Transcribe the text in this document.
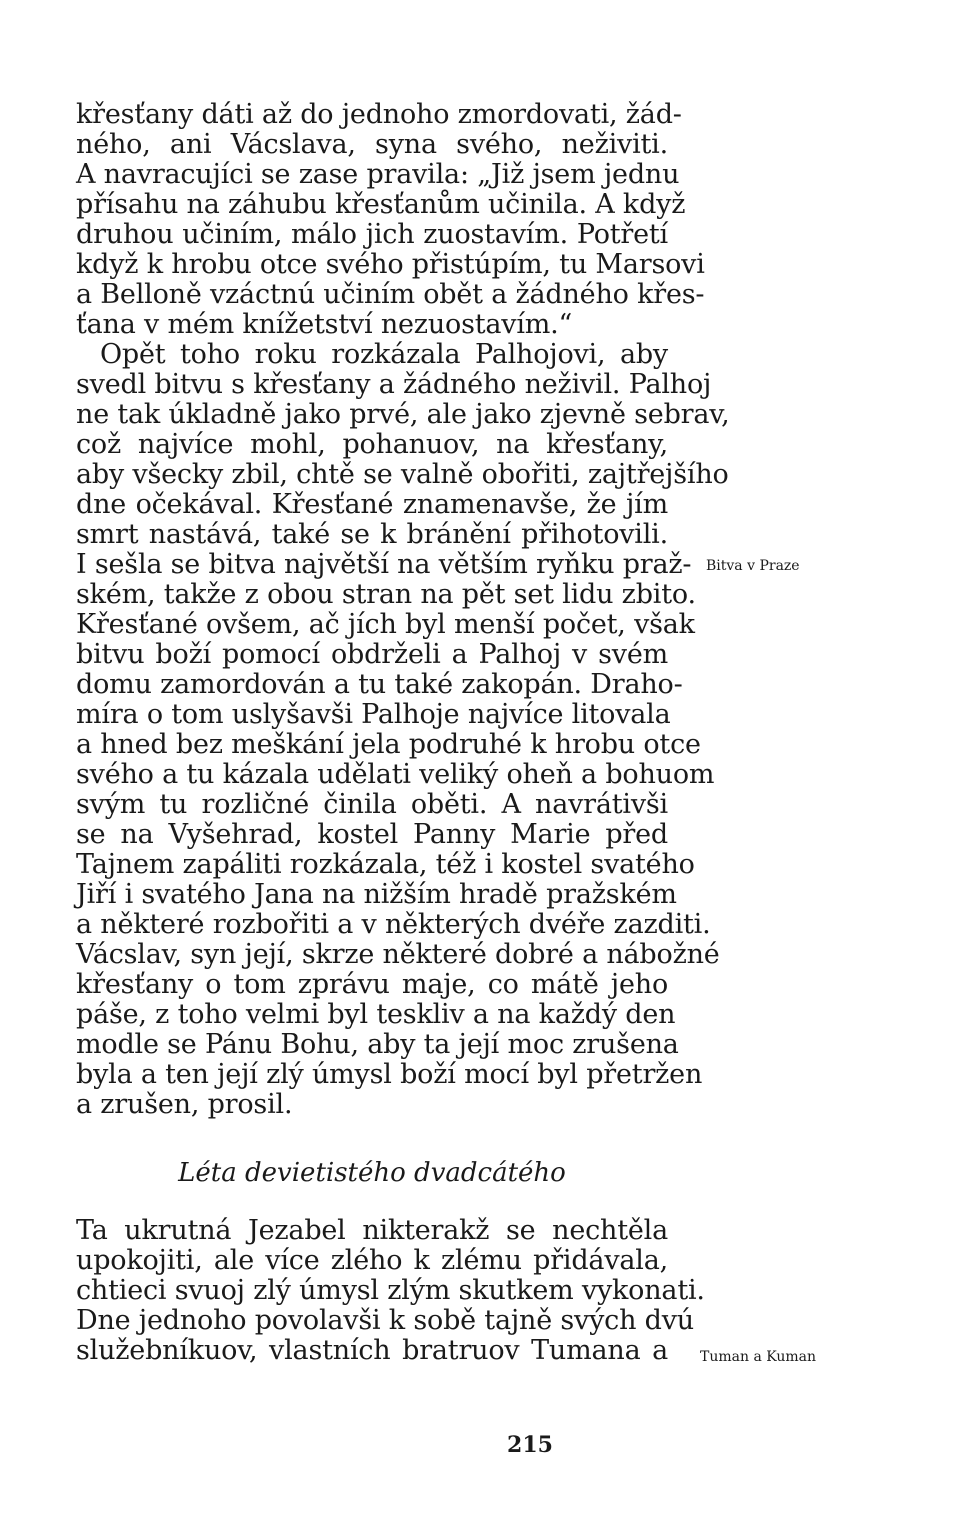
křesťany dáti až do jednoho zmordovati, žád-
ného, ani Vácslava, syna svého, neživiti.
A navracujíci se zase pravila: „Již jsem jednu
přísahu na záhubu křesťanům učinila. A když
druhou učiním, málo jich zuostavím. Potřetí
když k hrobu otce svého přistúpím, tu Marsovi
a Belloně vzáctnú učiním obět a žádného křes-
ťana v mém knížetství nezuostavím.“
Opět toho roku rozkázala Palhojovi, aby
svedl bitvu s křesťany a žádného neživil. Palhoj
ne tak úkladně jako prvé, ale jako zjevně sebrav,
což najvíce mohl, pohanuov, na křesťany,
aby všecky zbil, chtě se valně obořiti, zajtřejšího
dne očekával. Křesťané znamenavše, že jím
smrt nastává, také se k bránění přihotovili.
I sešla se bitva najvětší na větším ryňku praž-
ském, takže z obou stran na pět set lidu zbito.
Křesťané ovšem, ač jích byl menší počet, však
bitvu boží pomocí obdrželi a Palhoj v svém
domu zamordován a tu také zakopán. Draho-
míra o tom uslyšavši Palhoje najvíce litovala
a hned bez meškání jela podruhé k hrobu otce
svého a tu kázala udělati veliký oheň a bohuom
svým tu rozličné činila oběti. A navrátivši
se na Vyšehrad, kostel Panny Marie před
Tajnem zapáliti rozkázala, též i kostel svatého
Jiří i svatého Jana na nižším hradě pražském
a některé rozbořiti a v některých dvéře zazditi.
Vácslav, syn její, skrze některé dobré a nábožné
křesťany o tom zprávu maje, co mátě jeho
páše, z toho velmi byl teskliv a na každý den
modle se Pánu Bohu, aby ta její moc zrušena
byla a ten její zlý úmysl boží mocí byl přetržen
a zrušen, prosil.
Léta devietistého dvadcátého
Ta ukrutná Jezabel nikterakž se nechtěla
upokojiti, ale více zlého k zlému přidávala,
chtieci svuoj zlý úmysl zlým skutkem vykonati.
Dne jednoho povolavši k sobě tajně svých dvú
služebníkuov, vlastních bratruov Tumana a
Bitva v Praze
Tuman a Kuman
215
